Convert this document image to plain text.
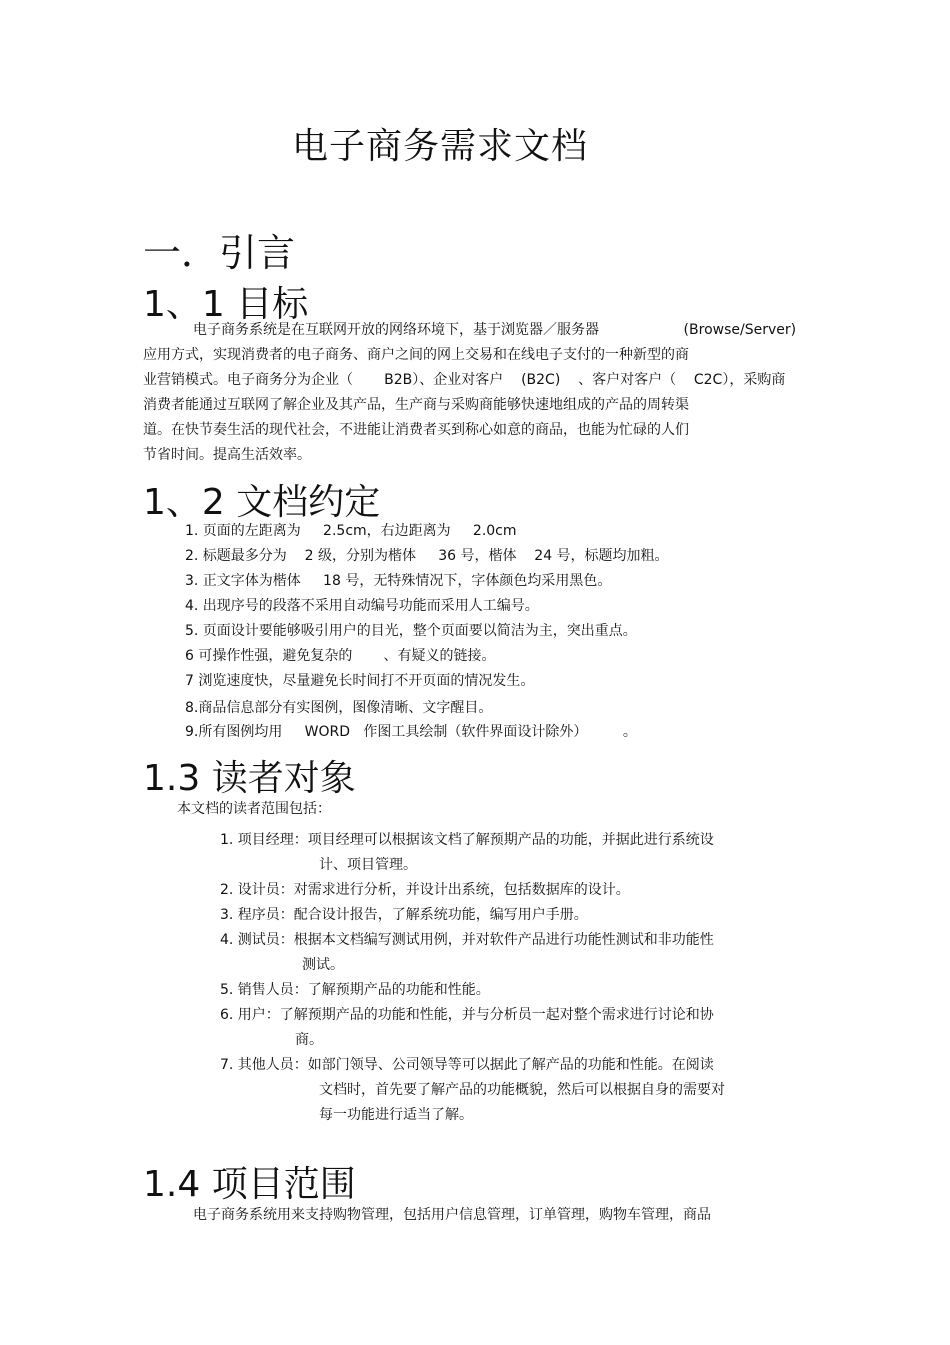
电子商务需求文档
一．引言
1、1 目标
电子商务系统是在互联网开放的网络环境下，基于浏览器／服务器                   (Browse/Server)
应用方式，实现消费者的电子商务、商户之间的网上交易和在线电子支付的一种新型的商
业营销模式。电子商务分为企业（       B2B）、企业对客户    (B2C)    、客户对客户（    C2C），采购商
消费者能通过互联网了解企业及其产品，生产商与采购商能够快速地组成的产品的周转渠
道。在快节奏生活的现代社会，不进能让消费者买到称心如意的商品，也能为忙碌的人们
节省时间。提高生活效率。
1、2 文档约定
1. 页面的左距离为     2.5cm，右边距离为     2.0cm
2. 标题最多分为    2 级，分别为楷体     36 号，楷体    24 号，标题均加粗。
3. 正文字体为楷体     18 号，无特殊情况下，字体颜色均采用黑色。
4. 出现序号的段落不采用自动编号功能而采用人工编号。
5. 页面设计要能够吸引用户的目光，整个页面要以简洁为主，突出重点。
6 可操作性强，避免复杂的       、有疑义的链接。
7 浏览速度快，尽量避免长时间打不开页面的情况发生。
8.商品信息部分有实图例，图像清晰、文字醒目。
9.所有图例均用     WORD   作图工具绘制（软件界面设计除外）        。
1.3 读者对象
本文档的读者范围包括：
1. 项目经理：项目经理可以根据该文档了解预期产品的功能，并据此进行系统设
计、项目管理。
2. 设计员：对需求进行分析，并设计出系统，包括数据库的设计。
3. 程序员：配合设计报告，了解系统功能，编写用户手册。
4. 测试员：根据本文档编写测试用例，并对软件产品进行功能性测试和非功能性
测试。
5. 销售人员：了解预期产品的功能和性能。
6. 用户：了解预期产品的功能和性能，并与分析员一起对整个需求进行讨论和协
商。
7. 其他人员：如部门领导、公司领导等可以据此了解产品的功能和性能。在阅读
文档时，首先要了解产品的功能概貌，然后可以根据自身的需要对
每一功能进行适当了解。
1.4 项目范围
电子商务系统用来支持购物管理，包括用户信息管理，订单管理，购物车管理，商品
